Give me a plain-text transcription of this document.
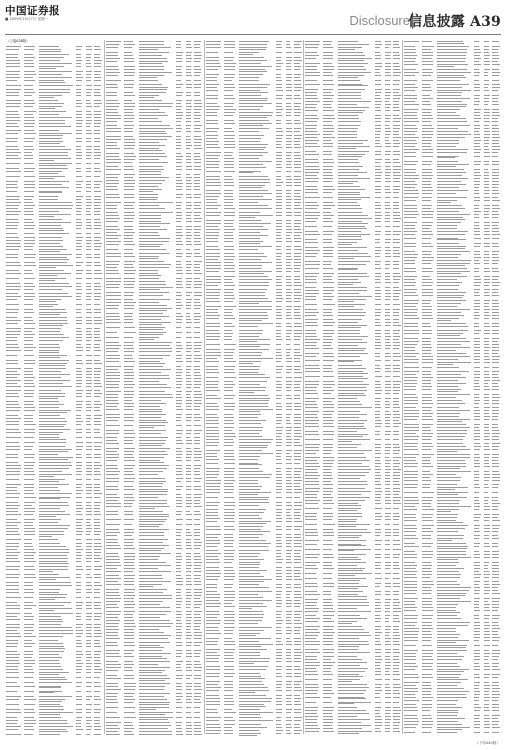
中国证券报
■ 2009年10月7日 星期一	Disclosure
信息披露 A39
（上接A38版）
（下转A40版）
